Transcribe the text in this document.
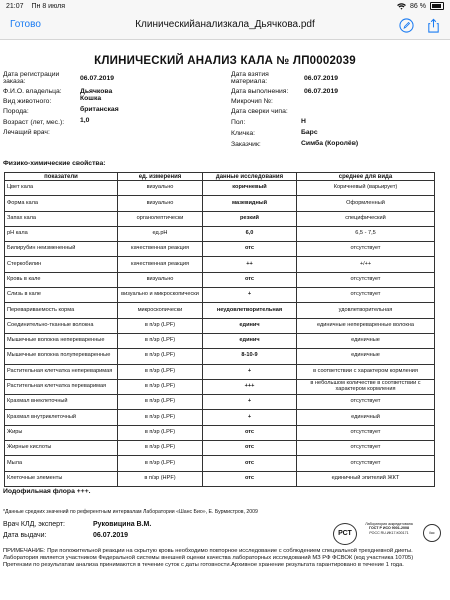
21:07 Пн 8 июля	86 %
Готово	Клиническийанализкала_Дьячкова.pdf
КЛИНИЧЕСКИЙ АНАЛИЗ КАЛА № ЛП0002039
Дата регистрации заказа:	06.07.2019
Ф.И.О. владельца:	Дьячкова
Вид животного:	Кошка
Порода:	британская
Возраст (лет, мес.): 1,0
Лечащий врач:
Дата взятия материала:	06.07.2019
Дата выполнения: 06.07.2019
Микрочип №:
Дата сверки чипа:
Пол:	Н
Кличка:	Барс
Заказчик:	Симба (Королёв)
Физико-химические свойства:
показатели	ед. измерения	данные исследования	среднее для вида
Цвет кала	визуально	коричневый	Коричневый (варьирует)
Форма кала	визуально	мазевидный	Оформленный
Запах кала	органолептически	резкий	специфический
pH кала	ед.pH	6,0	6,5 - 7,5
Билирубин неизмененный	качественная реакция	отс	отсутствует
Стеркобилин	качественная реакция	++	+/++
Кровь в кале	визуально	отс	отсутствует
Слизь в кале	визуально и микроскопически	+	отсутствует
Перевариваемость корма	микроскопически	неудовлетворительная	удовлетворительная
Соединительно-тканные волокна	в п/зр (LPF)	единич	единичные непереваренные волокна
Мышечные волокна непереваренные	в п/зр (LPF)	единич	единичные
Мышечные волокна полупереваренные	в п/зр (LPF)	8-10-9	единичные
Растительная клетчатка непереваримая	в п/зр (LPF)	+	в соответствии с характером кормления
Растительная клетчатка переваримая	в п/зр (LPF)	+++	в небольшом количестве в соответствии с характером кормления
Крахмал внеклеточный	в п/зр (LPF)	+	отсутствует
Крахмал внутриклеточный	в п/зр (LPF)	+	единичный
Жиры	в п/зр (LPF)	отс	отсутствует
Жирные кислоты	в п/зр (LPF)	отс	отсутствует
Мыла	в п/зр (LPF)	отс	отсутствует
Клеточные элементы	в п/зр (HPF)	отс	единичный эпителий ЖКТ
Иодофильная флора +++.
*Данные средних значений по референтным интервалам Лаборатории «Шанс Био», Е. Бурмистров, 2009
Врач КЛД, эксперт:	Руковицина В.М.
Дата выдачи:	06.07.2019	РСТ
Лаборатория аккредитована
ГОСТ Р ИСО 9001-2008
РОСС RU.ИК17.К00171	ilac
ПРИМЕЧАНИЕ: При положительной реакции на скрытую кровь необходимо повторное исследование с соблюдением специальной трехдневной диеты.
Лаборатория является участником Федеральной системы внешней оценки качества лабораторных исследований МЗ РФ ФСВОК (код участника 10705)
Претензии по результатам анализа принимаются в течение суток с даты готовности.Архивное хранение результата гарантировано в течение 1 года.
